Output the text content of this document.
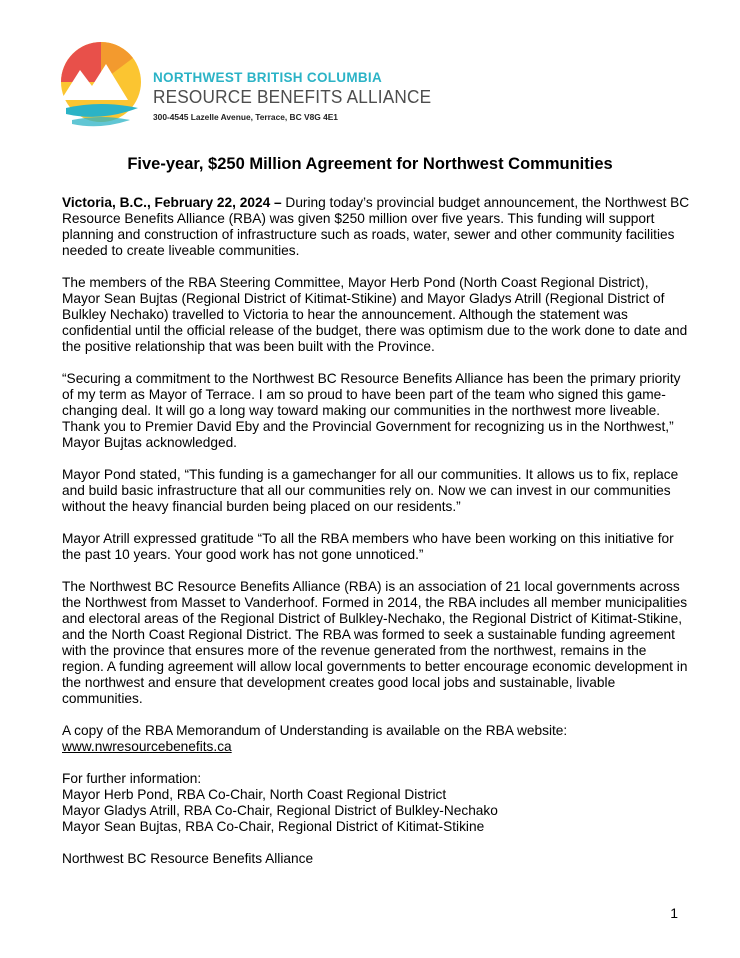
NORTHWEST BRITISH COLUMBIA
RESOURCE BENEFITS ALLIANCE
300-4545 Lazelle Avenue, Terrace, BC V8G 4E1
Five-year, $250 Million Agreement for Northwest Communities

Victoria, B.C., February 22, 2024 – During today’s provincial budget announcement, the Northwest BC Resource Benefits Alliance (RBA) was given $250 million over five years. This funding will support planning and construction of infrastructure such as roads, water, sewer and other community facilities needed to create liveable communities.

The members of the RBA Steering Committee, Mayor Herb Pond (North Coast Regional District), Mayor Sean Bujtas (Regional District of Kitimat-Stikine) and Mayor Gladys Atrill (Regional District of Bulkley Nechako) travelled to Victoria to hear the announcement. Although the statement was confidential until the official release of the budget, there was optimism due to the work done to date and the positive relationship that was been built with the Province.

“Securing a commitment to the Northwest BC Resource Benefits Alliance has been the primary priority of my term as Mayor of Terrace. I am so proud to have been part of the team who signed this game-changing deal. It will go a long way toward making our communities in the northwest more liveable. Thank you to Premier David Eby and the Provincial Government for recognizing us in the Northwest,” Mayor Bujtas acknowledged.

Mayor Pond stated, “This funding is a gamechanger for all our communities. It allows us to fix, replace and build basic infrastructure that all our communities rely on. Now we can invest in our communities without the heavy financial burden being placed on our residents.”

Mayor Atrill expressed gratitude “To all the RBA members who have been working on this initiative for the past 10 years. Your good work has not gone unnoticed.”

The Northwest BC Resource Benefits Alliance (RBA) is an association of 21 local governments across the Northwest from Masset to Vanderhoof. Formed in 2014, the RBA includes all member municipalities and electoral areas of the Regional District of Bulkley-Nechako, the Regional District of Kitimat-Stikine, and the North Coast Regional District. The RBA was formed to seek a sustainable funding agreement with the province that ensures more of the revenue generated from the northwest, remains in the region. A funding agreement will allow local governments to better encourage economic development in the northwest and ensure that development creates good local jobs and sustainable, livable communities.

A copy of the RBA Memorandum of Understanding is available on the RBA website:
www.nwresourcebenefits.ca

For further information:
Mayor Herb Pond, RBA Co-Chair, North Coast Regional District
Mayor Gladys Atrill, RBA Co-Chair, Regional District of Bulkley-Nechako
Mayor Sean Bujtas, RBA Co-Chair, Regional District of Kitimat-Stikine

Northwest BC Resource Benefits Alliance

1
